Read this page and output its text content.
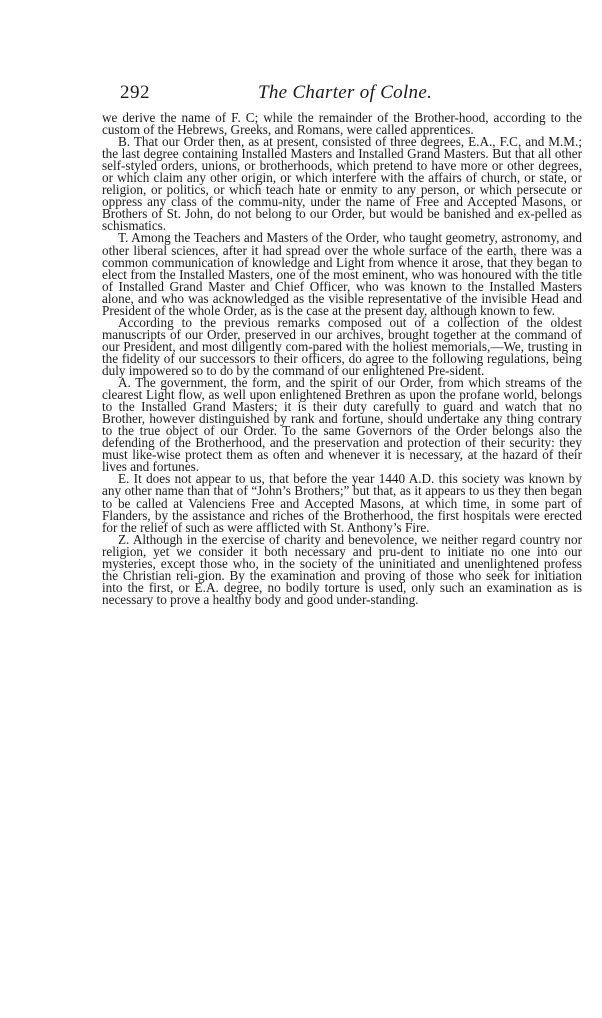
292	The Charter of Colne.

we derive the name of F. C; while the remainder of the Brother-hood, according to the custom of the Hebrews, Greeks, and Romans, were called apprentices.

B. That our Order then, as at present, consisted of three degrees, E.A., F.C, and M.M.; the last degree containing Installed Masters and Installed Grand Masters. But that all other self-styled orders, unions, or brotherhoods, which pretend to have more or other degrees, or which claim any other origin, or which interfere with the affairs of church, or state, or religion, or politics, or which teach hate or enmity to any person, or which persecute or oppress any class of the commu-nity, under the name of Free and Accepted Masons, or Brothers of St. John, do not belong to our Order, but would be banished and ex-pelled as schismatics.

T. Among the Teachers and Masters of the Order, who taught geometry, astronomy, and other liberal sciences, after it had spread over the whole surface of the earth, there was a common communication of knowledge and Light from whence it arose, that they began to elect from the Installed Masters, one of the most eminent, who was honoured with the title of Installed Grand Master and Chief Officer, who was known to the Installed Masters alone, and who was acknowledged as the visible representative of the invisible Head and President of the whole Order, as is the case at the present day, although known to few.

According to the previous remarks composed out of a collection of the oldest manuscripts of our Order, preserved in our archives, brought together at the command of our President, and most diligently com-pared with the holiest memorials,—We, trusting in the fidelity of our successors to their officers, do agree to the following regulations, being duly impowered so to do by the command of our enlightened Pre-sident.

A. The government, the form, and the spirit of our Order, from which streams of the clearest Light flow, as well upon enlightened Brethren as upon the profane world, belongs to the Installed Grand Masters; it is their duty carefully to guard and watch that no Brother, however distinguished by rank and fortune, should undertake any thing contrary to the true object of our Order. To the same Governors of the Order belongs also the defending of the Brotherhood, and the preservation and protection of their security: they must like-wise protect them as often and whenever it is necessary, at the hazard of their lives and fortunes.

E. It does not appear to us, that before the year 1440 A.D. this society was known by any other name than that of “John’s Brothers;” but that, as it appears to us they then began to be called at Valenciens Free and Accepted Masons, at which time, in some part of Flanders, by the assistance and riches of the Brotherhood, the first hospitals were erected for the relief of such as were afflicted with St. Anthony’s Fire.

Z. Although in the exercise of charity and benevolence, we neither regard country nor religion, yet we consider it both necessary and pru-dent to initiate no one into our mysteries, except those who, in the society of the uninitiated and unenlightened profess the Christian reli-gion. By the examination and proving of those who seek for initiation into the first, or E.A. degree, no bodily torture is used, only such an examination as is necessary to prove a healthy body and good under-standing.
